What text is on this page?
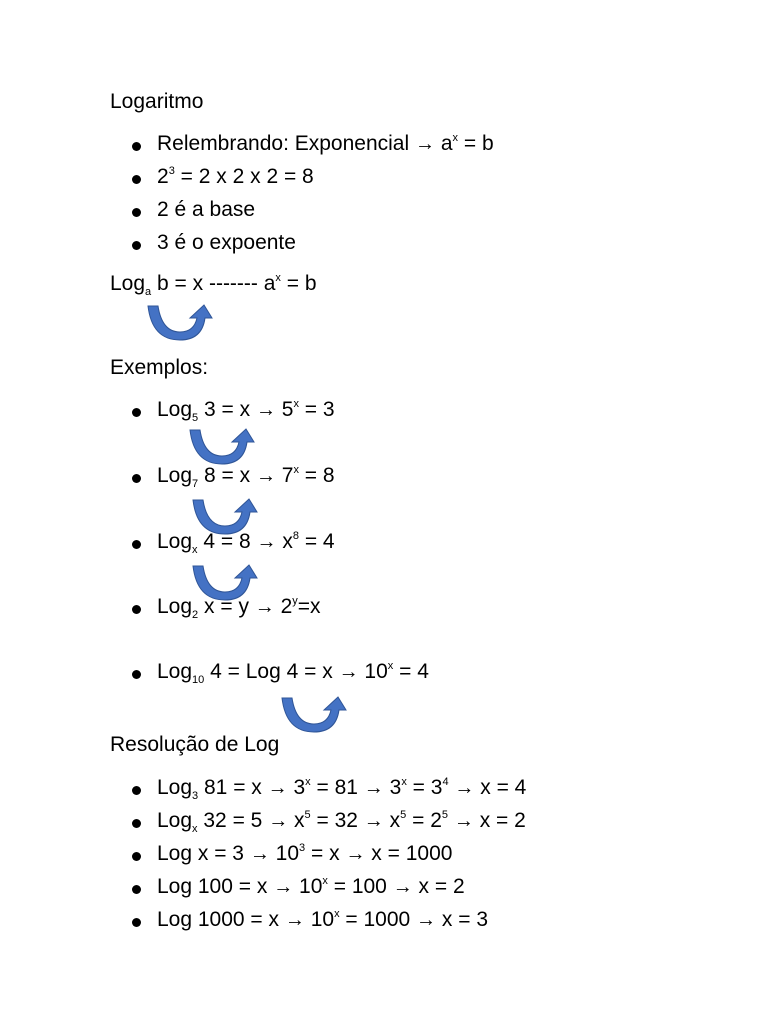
Logaritmo
Relembrando: Exponencial → $a^x = b$
$2^3 = 2$ x 2 x 2 = 8
2 é a base
3 é o expoente
Log$_a$ b = x ------- $a^x = b$
Exemplos:
Log$_5$ $3 = x \to 5^x = 3$
Log$_7$ $8 = x \to 7^x = 8$
Log$_x$ $4 = 8 \to x^8 = 4$
Log$_2$ $x = y \to 2^y=x$
Log$_{10}$ 4 = Log $4 = x \to 10^x = 4$
Resolução de Log
Log$_3$ $81 = x \to 3^x = 81 \to 3^x = 3^4 \to x = 4$
Log$_x$ $32 = 5 \to x^5 = 32 \to x^5 = 2^5 \to x = 2$
Log $x = 3 \to 10^3 = x \to x = 1000$
Log $100 = x \to 10^x = 100 \to x = 2$
Log $1000 = x \to 10^x = 1000 \to x = 3$
